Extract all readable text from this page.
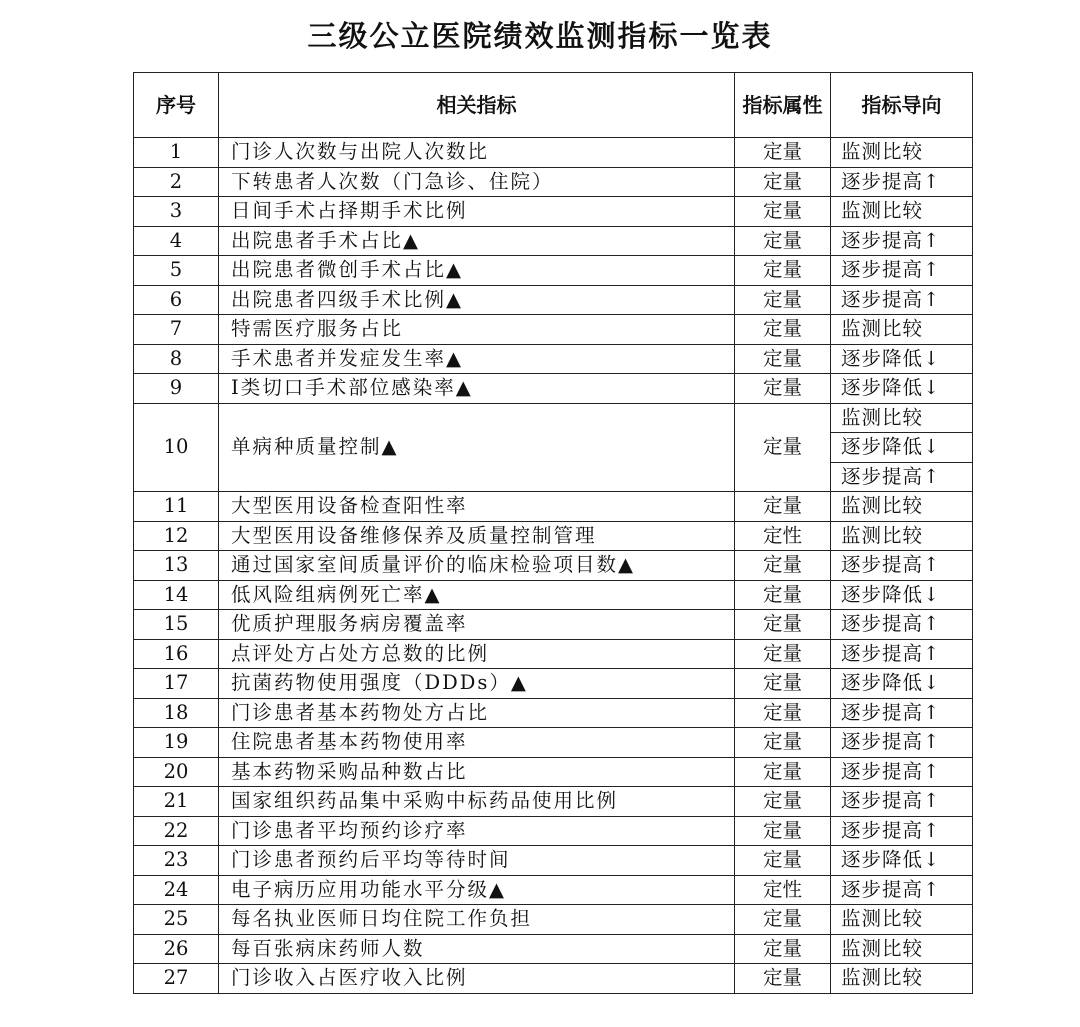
三级公立医院绩效监测指标一览表
序号	相关指标	指标属性	指标导向
1	门诊人次数与出院人次数比	定量	监测比较
2	下转患者人次数（门急诊、住院）	定量	逐步提高↑
3	日间手术占择期手术比例	定量	监测比较
4	出院患者手术占比▲	定量	逐步提高↑
5	出院患者微创手术占比▲	定量	逐步提高↑
6	出院患者四级手术比例▲	定量	逐步提高↑
7	特需医疗服务占比	定量	监测比较
8	手术患者并发症发生率▲	定量	逐步降低↓
9	I类切口手术部位感染率▲	定量	逐步降低↓
10	单病种质量控制▲	定量	监测比较
			逐步降低↓
			逐步提高↑
11	大型医用设备检查阳性率	定量	监测比较
12	大型医用设备维修保养及质量控制管理	定性	监测比较
13	通过国家室间质量评价的临床检验项目数▲	定量	逐步提高↑
14	低风险组病例死亡率▲	定量	逐步降低↓
15	优质护理服务病房覆盖率	定量	逐步提高↑
16	点评处方占处方总数的比例	定量	逐步提高↑
17	抗菌药物使用强度（DDDs）▲	定量	逐步降低↓
18	门诊患者基本药物处方占比	定量	逐步提高↑
19	住院患者基本药物使用率	定量	逐步提高↑
20	基本药物采购品种数占比	定量	逐步提高↑
21	国家组织药品集中采购中标药品使用比例	定量	逐步提高↑
22	门诊患者平均预约诊疗率	定量	逐步提高↑
23	门诊患者预约后平均等待时间	定量	逐步降低↓
24	电子病历应用功能水平分级▲	定性	逐步提高↑
25	每名执业医师日均住院工作负担	定量	监测比较
26	每百张病床药师人数	定量	监测比较
27	门诊收入占医疗收入比例	定量	监测比较
